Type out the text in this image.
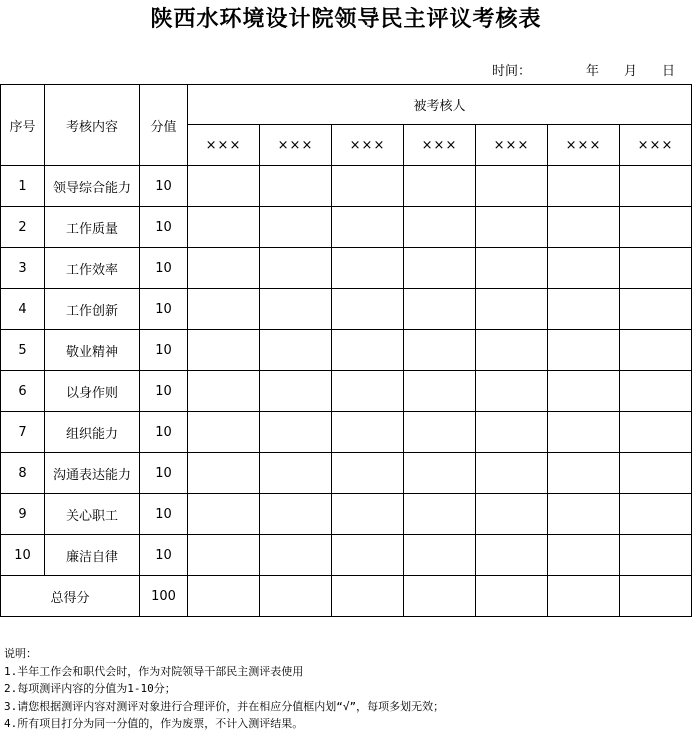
陕西水环境设计院领导民主评议考核表
时间：	年 月 日
序号	考核内容	分值	被考核人						
			×××	×××	×××	×××	×××	×××	×××
1	领导综合能力	10							
2	工作质量	10							
3	工作效率	10							
4	工作创新	10							
5	敬业精神	10							
6	以身作则	10							
7	组织能力	10							
8	沟通表达能力	10							
9	关心职工	10							
10	廉洁自律	10							
总得分		100							
说明：
1.半年工作会和职代会时，作为对院领导干部民主测评表使用
2.每项测评内容的分值为1-10分；
3.请您根据测评内容对测评对象进行合理评价，并在相应分值框内划“√”，每项多划无效；
4.所有项目打分为同一分值的，作为废票，不计入测评结果。
